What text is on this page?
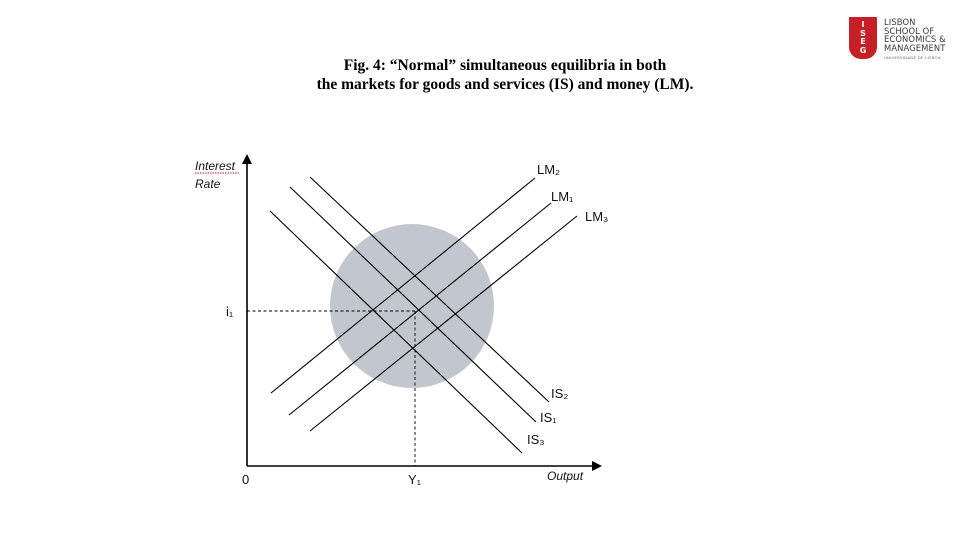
Fig. 4: “Normal” simultaneous equilibria in both
the markets for goods and services (IS) and money (LM).
I
S
E
G
LISBON
SCHOOL OF
ECONOMICS &
MANAGEMENT
UNIVERSIDADE DE LISBOA
Interest
Rate
Output
0	Y₁
i₁
LM₂
LM₁
LM₃
IS₂
IS₁
IS₃
